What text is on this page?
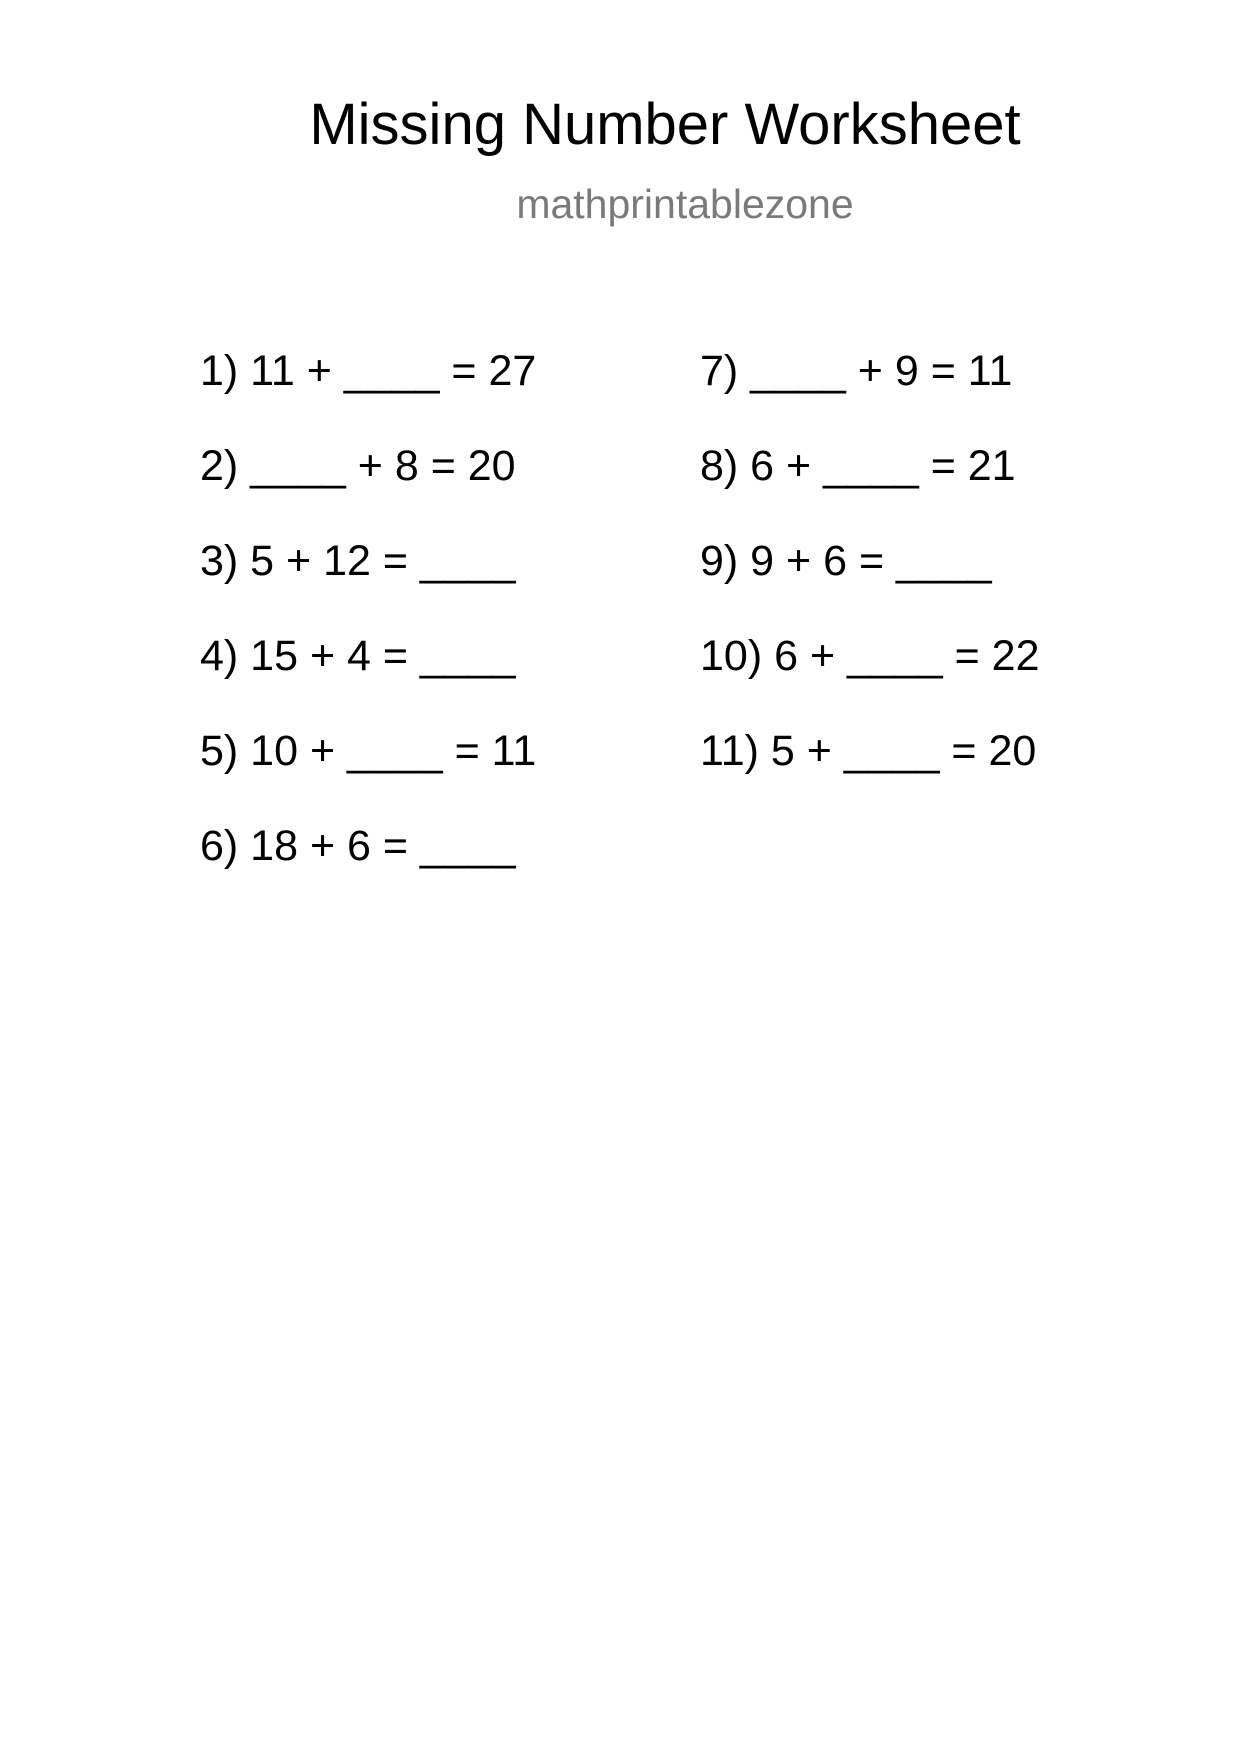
Missing Number Worksheet
mathprintablezone
1) 11 + ____ = 27
2) ____ + 8 = 20
3) 5 + 12 = ____
4) 15 + 4 = ____
5) 10 + ____ = 11
6) 18 + 6 = ____
7) ____ + 9 = 11
8) 6 + ____ = 21
9) 9 + 6 = ____
10) 6 + ____ = 22
11) 5 + ____ = 20
